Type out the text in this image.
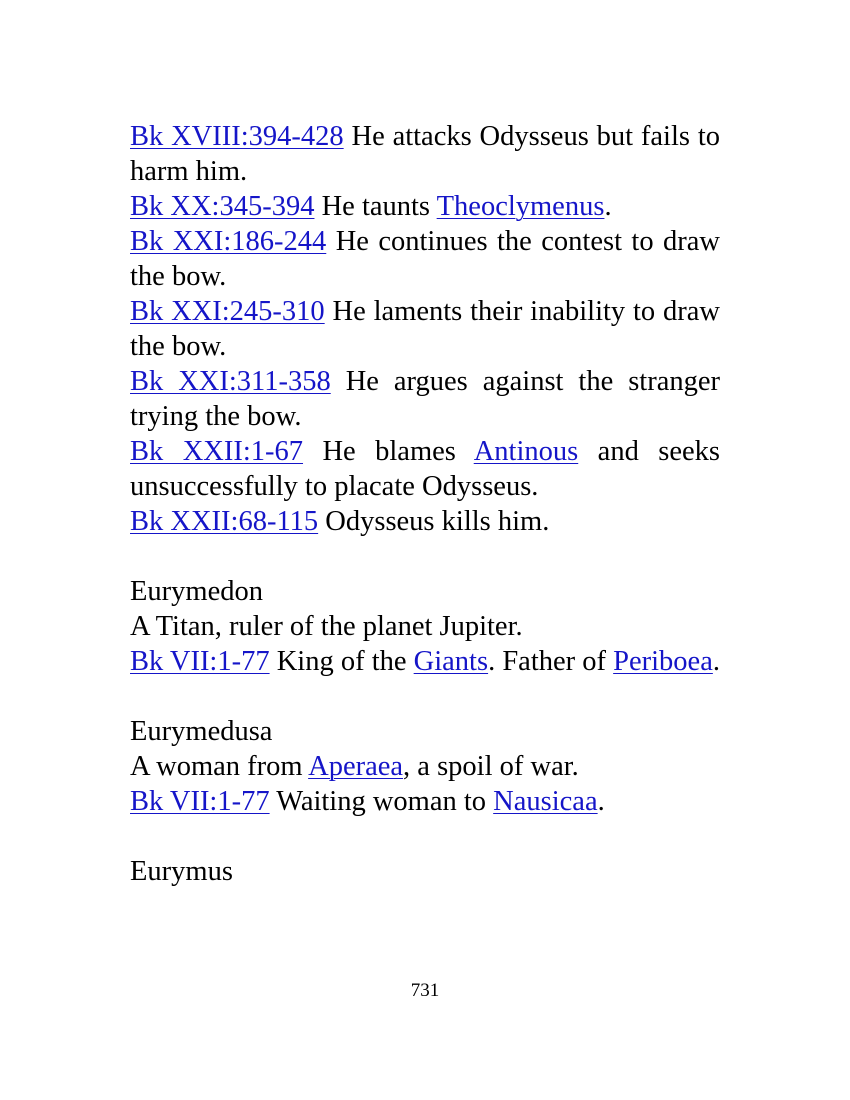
Bk XVIII:394-428 He attacks Odysseus but fails to harm him.

Bk XX:345-394 He taunts Theoclymenus.

Bk XXI:186-244 He continues the contest to draw the bow.

Bk XXI:245-310 He laments their inability to draw the bow.

Bk XXI:311-358 He argues against the stranger trying the bow.

Bk XXII:1-67 He blames Antinous and seeks unsuccessfully to placate Odysseus.

Bk XXII:68-115 Odysseus kills him.

Eurymedon

A Titan, ruler of the planet Jupiter.

Bk VII:1-77 King of the Giants. Father of Periboea.

Eurymedusa

A woman from Aperaea, a spoil of war.

Bk VII:1-77 Waiting woman to Nausicaa.

Eurymus

731
